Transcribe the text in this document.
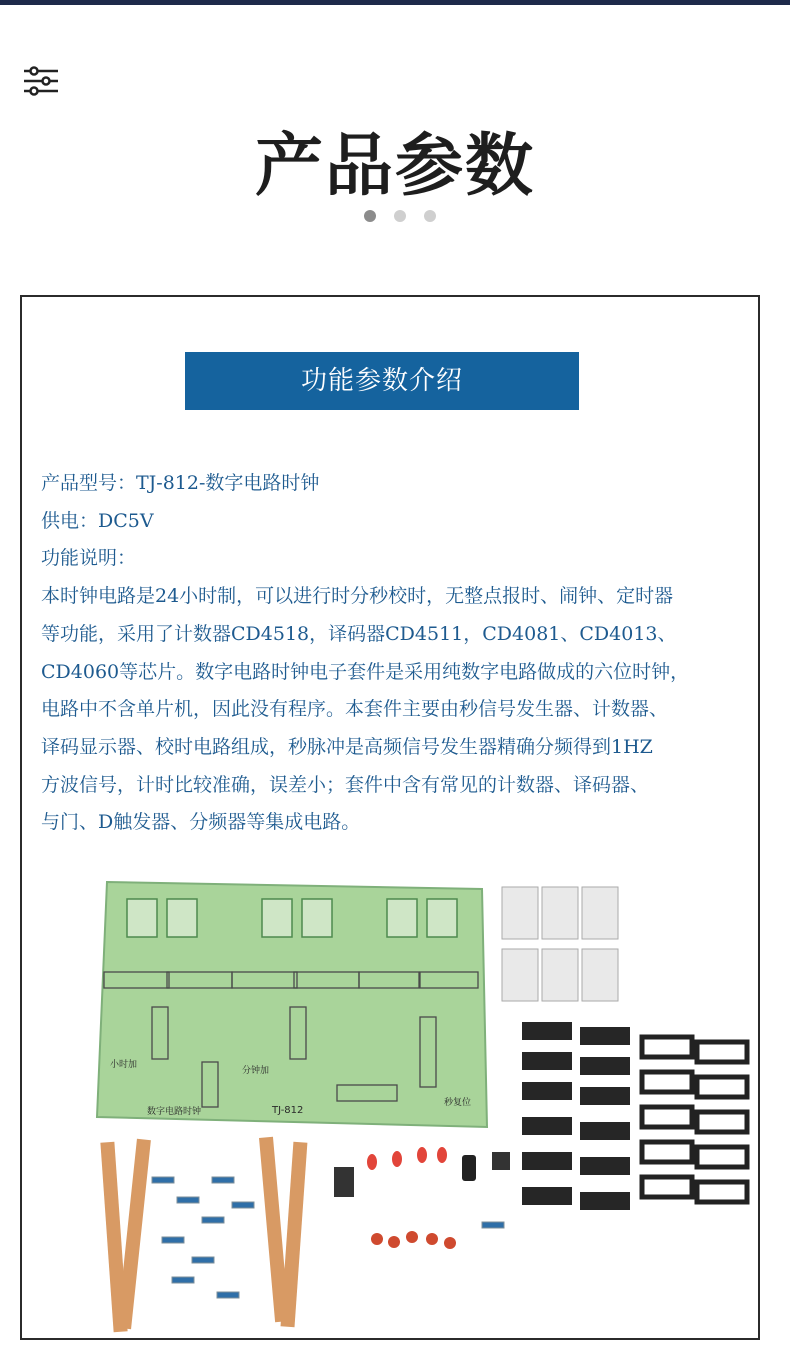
产品参数
功能参数介绍

产品型号：TJ-812-数字电路时钟

供电：DC5V

功能说明：

本时钟电路是24小时制，可以进行时分秒校时，无整点报时、闹钟、定时器

等功能，采用了计数器CD4518，译码器CD4511，CD4081、CD4013、

CD4060等芯片。数字电路时钟电子套件是采用纯数字电路做成的六位时钟，

电路中不含单片机，因此没有程序。本套件主要由秒信号发生器、计数器、

译码显示器、校时电路组成，秒脉冲是高频信号发生器精确分频得到1HZ

方波信号，计时比较准确，误差小；套件中含有常见的计数器、译码器、

与门、D触发器、分频器等集成电路。

TJ-812
数字电路时钟
小时加
分钟加
秒复位
